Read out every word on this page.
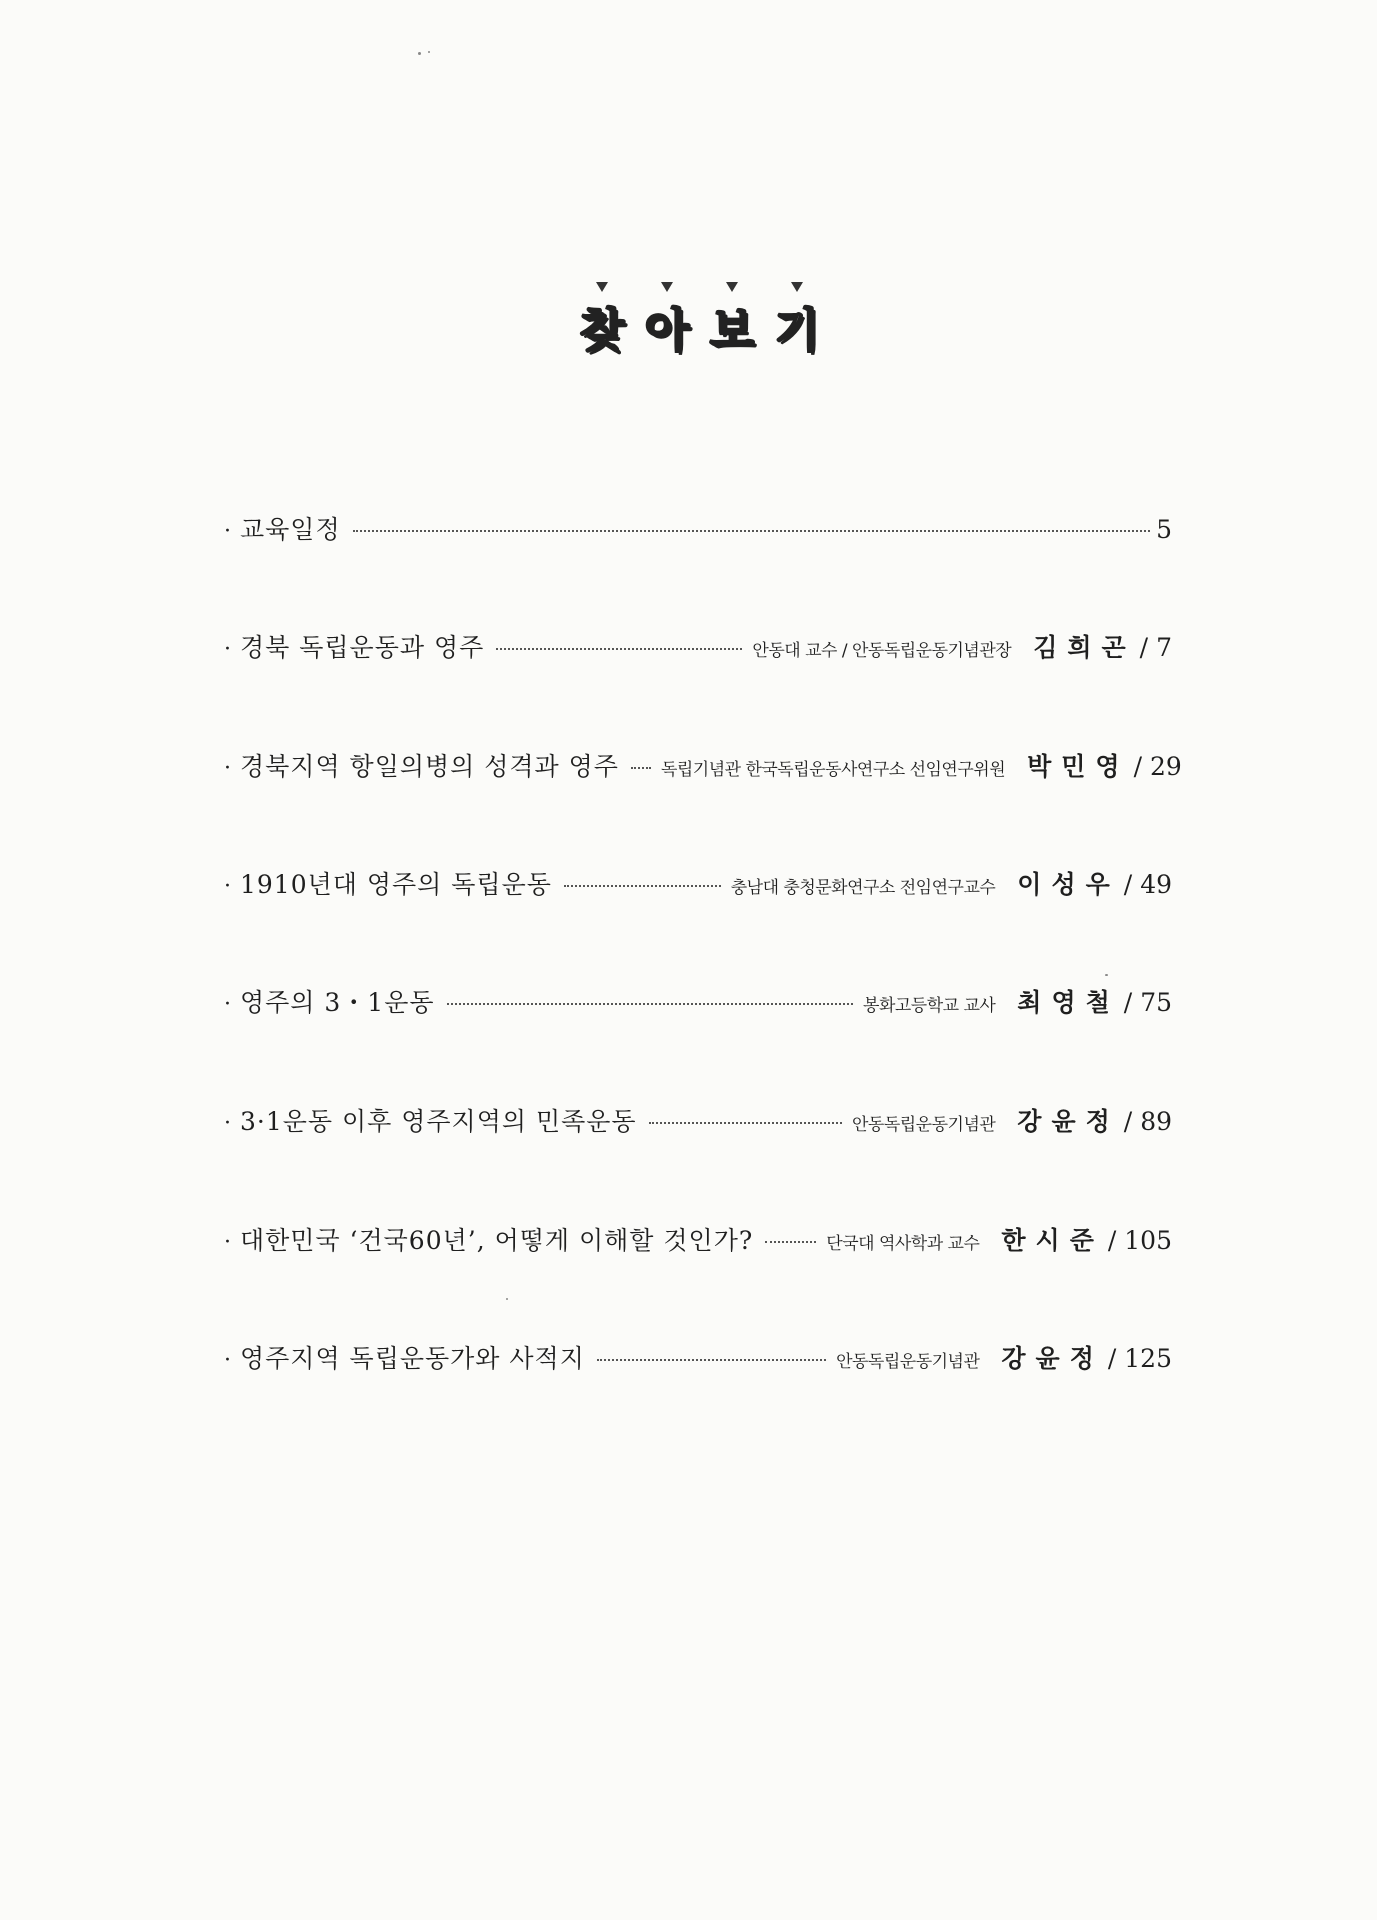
찾 아 보 기
· 교육일정	5
· 경북 독립운동과 영주	안동대 교수 / 안동독립운동기념관장 김희곤 / 7
· 경북지역 항일의병의 성격과 영주	독립기념관 한국독립운동사연구소 선임연구위원 박민영 / 29
· 1910년대 영주의 독립운동	충남대 충청문화연구소 전임연구교수 이성우 / 49
· 영주의 3・1운동	봉화고등학교 교사 최영철 / 75
· 3·1운동 이후 영주지역의 민족운동	안동독립운동기념관 강윤정 / 89
· 대한민국 ‘건국60년’, 어떻게 이해할 것인가?	단국대 역사학과 교수 한시준 / 105
· 영주지역 독립운동가와 사적지	안동독립운동기념관 강윤정 / 125
